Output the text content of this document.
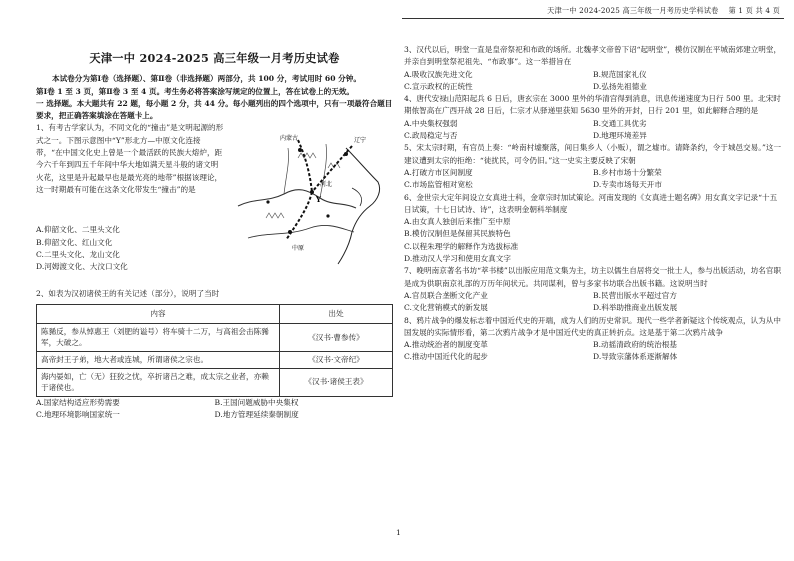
天津一中 2024-2025 高三年级一月考历史学科试卷 第 1 页 共 4 页
天津一中 2024-2025 高三年级一月考历史试卷

本试卷分为第Ⅰ卷（选择题）、第Ⅱ卷（非选择题）两部分，共 100 分，考试用时 60 分钟。

第Ⅰ卷 1 至 3 页，第Ⅱ卷 3 至 4 页。考生务必将答案涂写规定的位置上，答在试卷上的无效。

一 选择题。本大题共有 22 题，每小题 2 分，共 44 分。每小题列出的四个选项中，只有一项最符合题目要求，把正确答案填涂在答题卡上。

1、有考古学家认为，不同文化的“撞击”是文明起源的形式之一。下图示意图中“Y”形北方—中原文化连接带，“在中国文化史上曾是一个最活跃的民族大熔炉，距今六千年到四五千年间中华大地如满天星斗般的诸文明火花，这里是升起最早也是最光亮的地带”根据该理论，这一时期最有可能在这条文化带发生“撞击”的是

内蒙古	辽宁
河北
中原
Y

A.仰韶文化、二里头文化

B.仰韶文化、红山文化

C.二里头文化、龙山文化

D.河姆渡文化、大汶口文化

2、如表为汉初诸侯王的有关记述（部分），说明了当时

内容	出处
陈豨反，参从悼惠王（刘肥的谥号）将车骑十二万，与高祖会击陈豨军，大破之。	《汉书·曹参传》
高帝封王子弟，地大者或连城，所谓诸侯之宗也。	《汉书·文帝纪》
海内晏如，亡（无）狂狡之忧，卒折诸吕之难，成太宗之业者，亦赖于诸侯也。	《汉书·诸侯王表》
A.国家结构适应形势需要	B.王国问题威胁中央集权
C.地理环境影响国家统一	D.地方管理延续秦朝制度

3、汉代以后，明堂一直是皇帝祭祀和布政的场所。北魏孝文帝曾下诏“起明堂”，模仿汉制在平城南郊建立明堂，并亲自到明堂祭祀祖先、“布政事”。这一举措旨在

A.吸收汉族先进文化	B.规范国家礼仪
C.宣示政权的正统性	D.弘扬先祖德业

4、唐代安禄山范阳起兵 6 日后，唐玄宗在 3000 里外的华清宫得到消息，讯息传递速度为日行 500 里。北宋时期侬智高在广西开战 28 日后，仁宗才从驿递里获知 5630 里外的开封，日行 201 里，如此解释合理的是

A.中央集权强弱	B.交通工具优劣
C.政局稳定与否	D.地理环境差异

5、宋太宗时期，有官员上奏：“岭南村墟聚落，间日集乡人（小贩），谓之墟市。请降条约，令于城邑交易。”这一建议遭到太宗的拒绝：“徒扰民，可令仍旧。”这一史实主要反映了宋朝

A.打破方市区间制度	B.乡村市场十分繁荣
C.市场监管相对宽松	D.专卖市场每天开市

6、金世宗大定年间设立女真进士科，金章宗时加试策论。河南发现的《女真进士题名碑》用女真文字记录“十五日试策，十七日试诗、诗”，这表明金朝科举制度

A.由女真人独创后来推广至中原

B.模仿汉制但是保留其民族特色

C.以程朱理学的解释作为选拔标准

D.推动汉人学习和使用女真文字

7、晚明南京著名书坊“萃书楼”以出版应用范文集为主，坊主以儒生自居将交一批士人，参与出版活动，坊名官职是成为供职南京礼部的万历年间状元。共同谋利，曾与多家书坊联合出版书籍。这说明当时

A.官员联合垄断文化产业	B.民营出版水平超过官方
C.文化营销模式的新发展	D.科举助推商业出版发展

8、鸦片战争的爆发标志着中国近代史的开端，成为人们的历史常识。现代一些学者新疑这个传统观点，认为从中国发展的实际情形看，第二次鸦片战争才是中国近代史的真正转折点。这是基于第二次鸦片战争

A.推动统治者的制度变革	B.动摇清政府的统治根基
C.推动中国近代化的起步	D.导致宗藩体系逐渐解体
1
